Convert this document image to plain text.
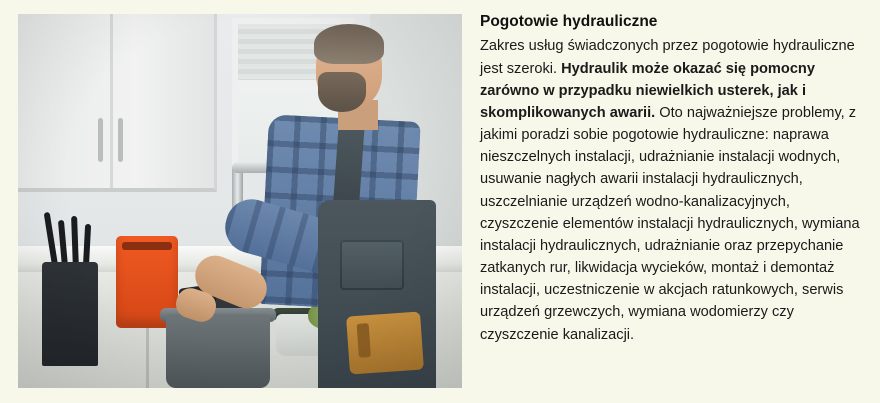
Pogotowie hydrauliczne

Zakres usług świadczonych przez pogotowie hydrauliczne jest szeroki. Hydraulik może okazać się pomocny zarówno w przypadku niewielkich usterek, jak i skomplikowanych awarii. Oto najważniejsze problemy, z jakimi poradzi sobie pogotowie hydrauliczne: naprawa nieszczelnych instalacji, udrażnianie instalacji wodnych, usuwanie nagłych awarii instalacji hydraulicznych, uszczelnianie urządzeń wodno-kanalizacyjnych, czyszczenie elementów instalacji hydraulicznych, wymiana instalacji hydraulicznych, udrażnianie oraz przepychanie zatkanych rur, likwidacja wycieków, montaż i demontaż instalacji, uczestniczenie w akcjach ratunkowych, serwis urządzeń grzewczych, wymiana wodomierzy czy czyszczenie kanalizacji.
